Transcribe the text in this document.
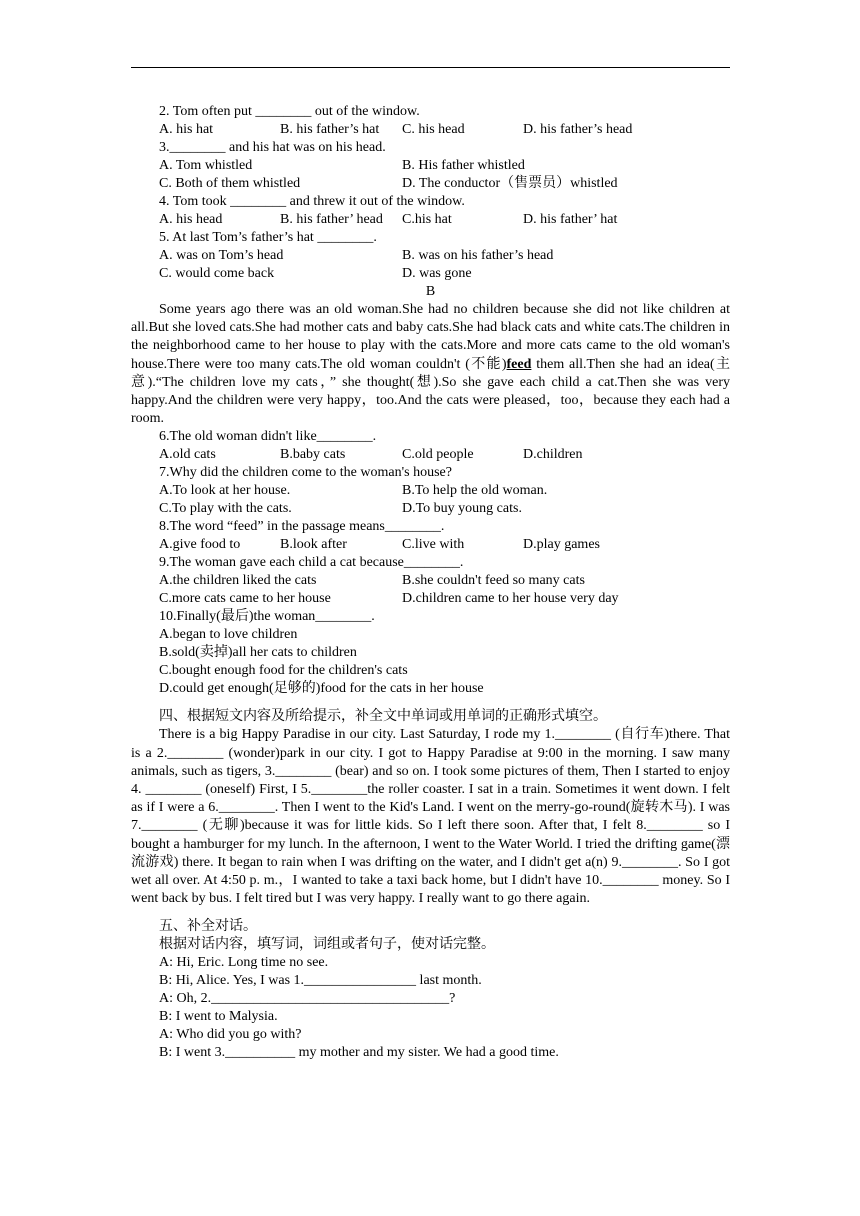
2. Tom often put ________ out of the window.
A. his hat	B. his father’s hat	C. his head	D. his father’s head
3.________ and his hat was on his head.
A. Tom whistled	B. His father whistled
C. Both of them whistled	D. The conductor（售票员）whistled
4. Tom took ________ and threw it out of the window.
A. his head	B. his father’ head	C.his hat	D. his father’ hat
5. At last Tom’s father’s hat ________.
A. was on Tom’s head	B. was on his father’s head
C. would come back	D. was gone
B

Some years ago there was an old woman.She had no children because she did not like children at all.But she loved cats.She had mother cats and baby cats.She had black cats and white cats.The children in the neighborhood came to her house to play with the cats.More and more cats came to the old woman's house.There were too many cats.The old woman couldn't (不能)feed them all.Then she had an idea(主意).“The children love my cats，” she thought(想).So she gave each child a cat.Then she was very happy.And the children were very happy，too.And the cats were pleased，too，because they each had a room.

6.The old woman didn't like________.
A.old cats	B.baby cats	C.old people	D.children
7.Why did the children come to the woman's house?
A.To look at her house.	B.To help the old woman.
C.To play with the cats.	D.To buy young cats.
8.The word “feed” in the passage means________.
A.give food to	B.look after	C.live with	D.play games
9.The woman gave each child a cat because________.
A.the children liked the cats	B.she couldn't feed so many cats
C.more cats came to her house	D.children came to her house very day
10.Finally(最后)the woman________.
A.began to love children
B.sold(卖掉)all her cats to children
C.bought enough food for the children's cats
D.could get enough(足够的)food for the cats in her house
四、根据短文内容及所给提示，补全文中单词或用单词的正确形式填空。

There is a big Happy Paradise in our city. Last Saturday, I rode my 1.________ (自行车)there. That is a 2.________ (wonder)park in our city. I got to Happy Paradise at 9:00 in the morning. I saw many animals, such as tigers, 3.________ (bear) and so on. I took some pictures of them, Then I started to enjoy 4. ________ (oneself) First, I 5.________the roller coaster. I sat in a train. Sometimes it went down. I felt as if I were a 6.________. Then I went to the Kid's Land. I went on the merry-go-round(旋转木马). I was 7.________ (无聊)because it was for little kids. So I left there soon. After that, I felt 8.________ so I bought a hamburger for my lunch. In the afternoon, I went to the Water World. I tried the drifting game(漂流游戏) there. It began to rain when I was drifting on the water, and I didn't get a(n) 9.________. So I got wet all over. At 4:50 p. m.，I wanted to take a taxi back home, but I didn't have 10.________ money. So I went back by bus. I felt tired but I was very happy. I really want to go there again.

五、补全对话。
根据对话内容，填写词，词组或者句子，使对话完整。
A: Hi, Eric. Long time no see.
B: Hi, Alice. Yes, I was 1.________________ last month.
A: Oh, 2.__________________________________?
B: I went to Malysia.
A: Who did you go with?
B: I went 3.__________ my mother and my sister. We had a good time.
